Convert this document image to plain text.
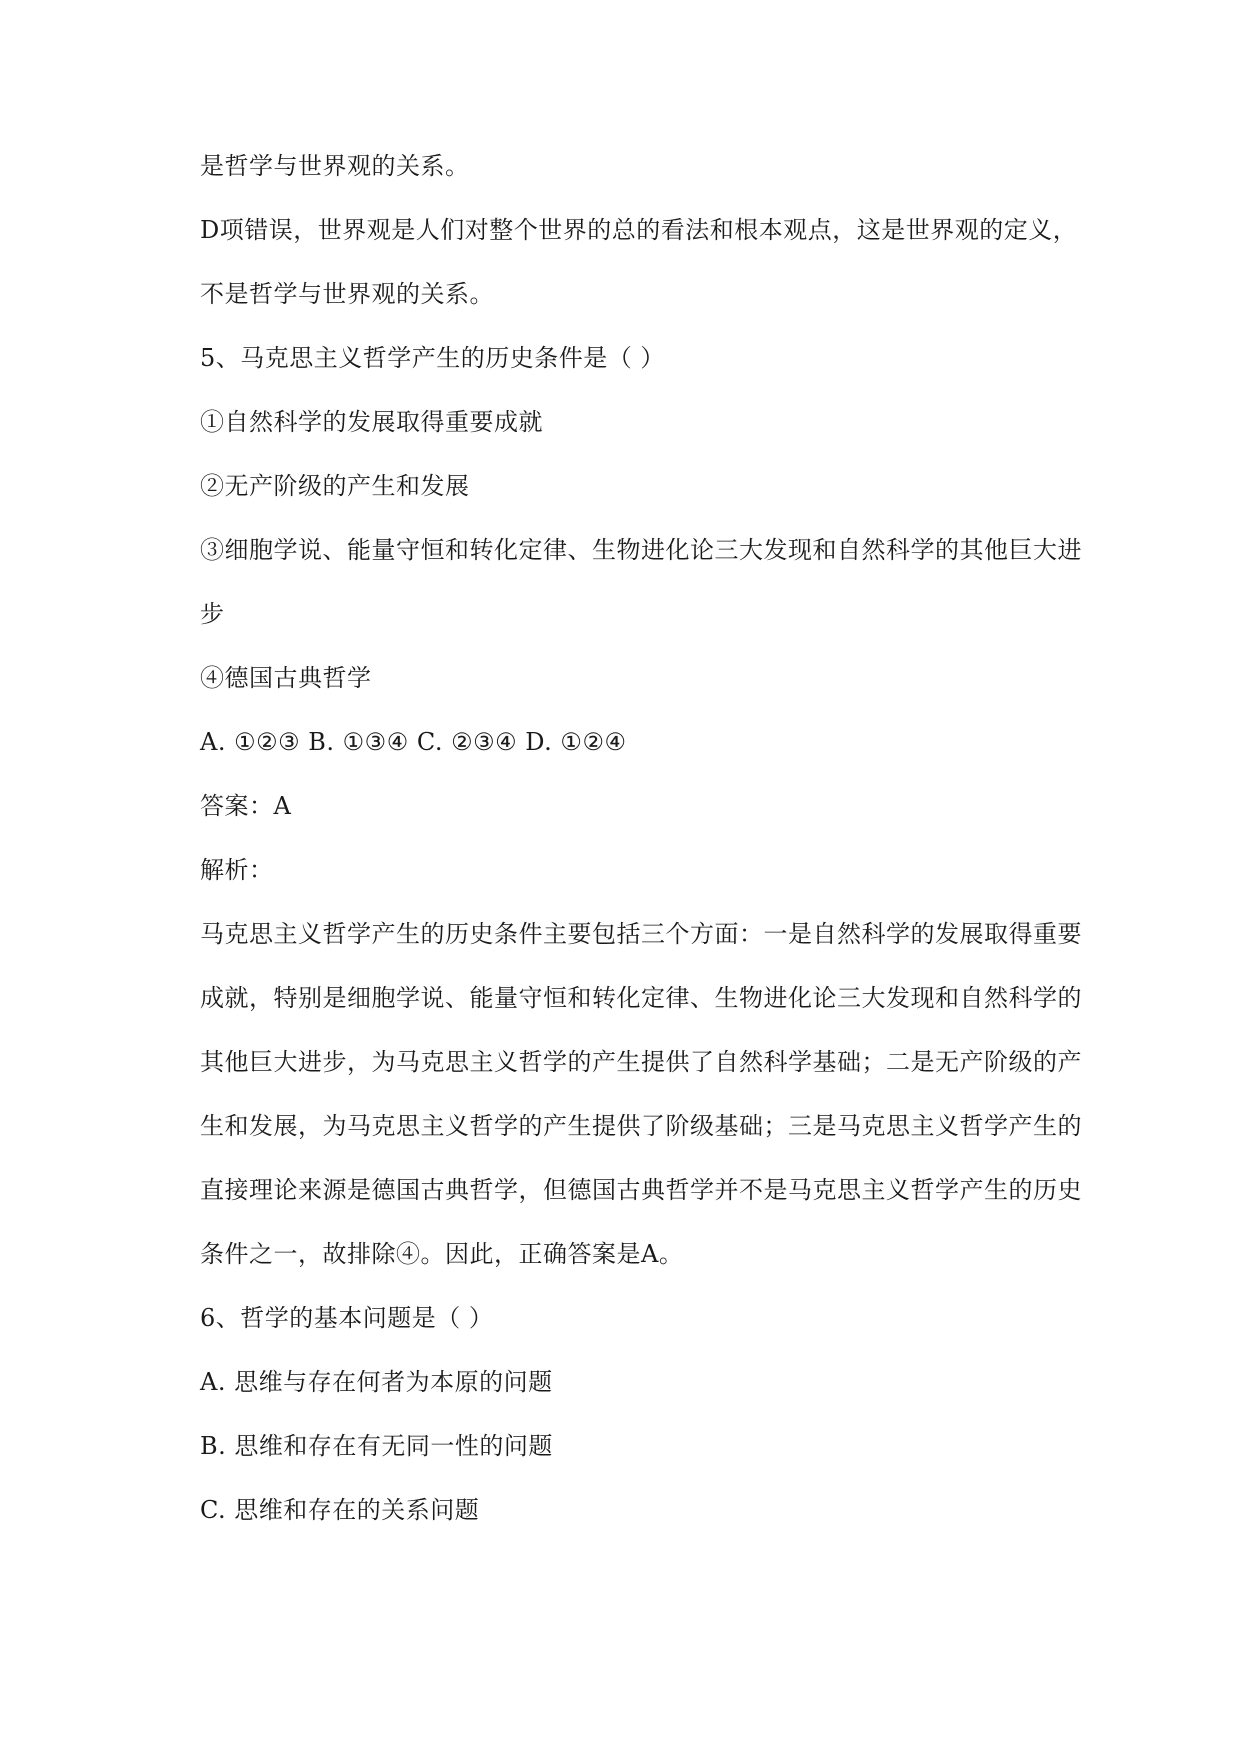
是哲学与世界观的关系。
D项错误，世界观是人们对整个世界的总的看法和根本观点，这是世界观的定义，
不是哲学与世界观的关系。
5、马克思主义哲学产生的历史条件是（ ）
①自然科学的发展取得重要成就
②无产阶级的产生和发展
③细胞学说、能量守恒和转化定律、生物进化论三大发现和自然科学的其他巨大进
步
④德国古典哲学
A. ①②③ B. ①③④ C. ②③④ D. ①②④
答案：A
解析：
马克思主义哲学产生的历史条件主要包括三个方面：一是自然科学的发展取得重要
成就，特别是细胞学说、能量守恒和转化定律、生物进化论三大发现和自然科学的
其他巨大进步，为马克思主义哲学的产生提供了自然科学基础；二是无产阶级的产
生和发展，为马克思主义哲学的产生提供了阶级基础；三是马克思主义哲学产生的
直接理论来源是德国古典哲学，但德国古典哲学并不是马克思主义哲学产生的历史
条件之一，故排除④。因此，正确答案是A。
6、哲学的基本问题是（ ）
A. 思维与存在何者为本原的问题
B. 思维和存在有无同一性的问题
C. 思维和存在的关系问题
